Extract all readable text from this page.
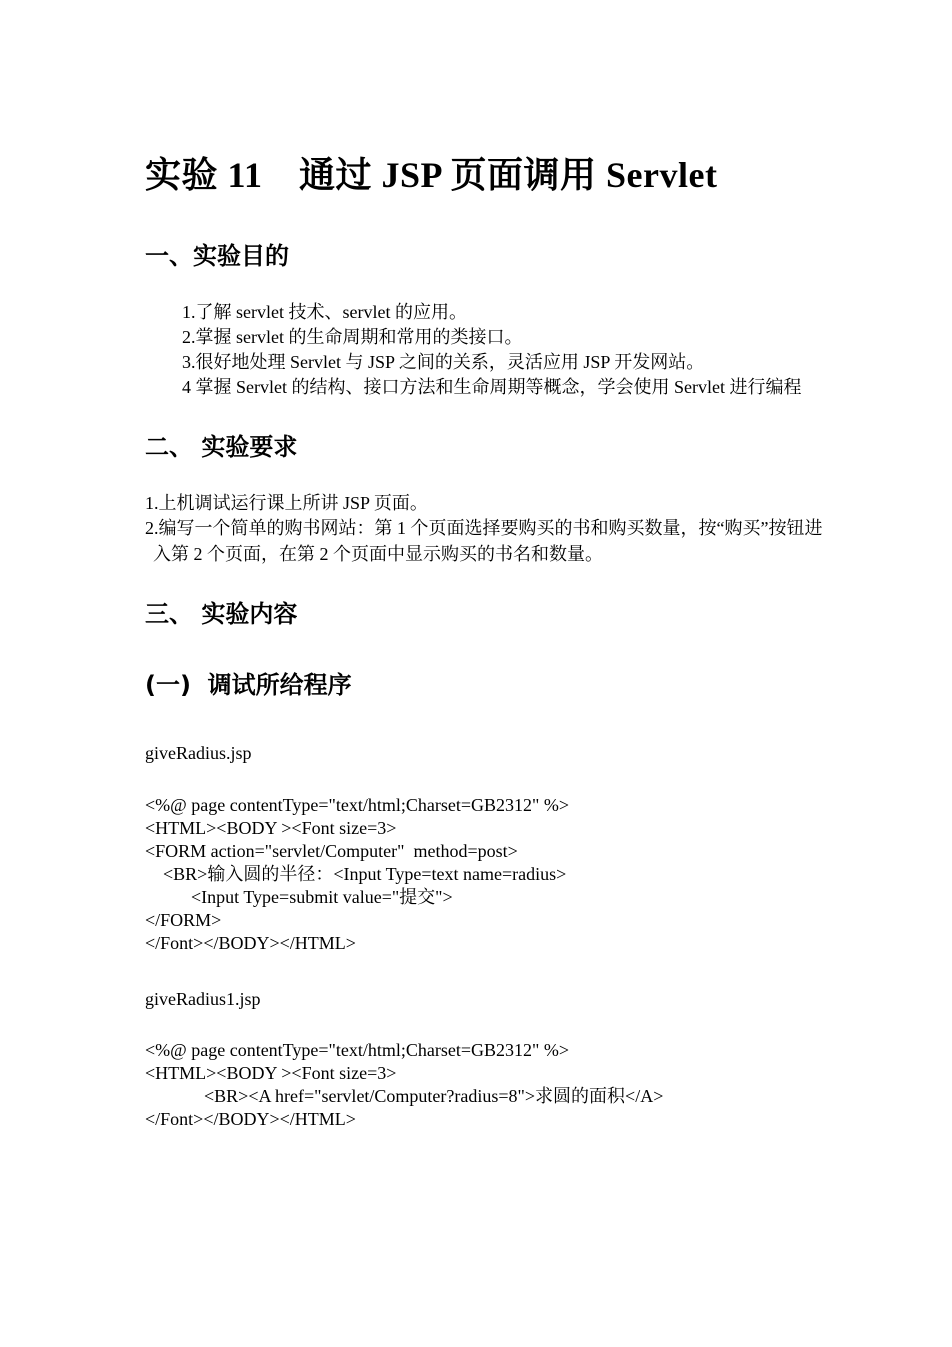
实验 11　通过 JSP 页面调用 Servlet
一、实验目的
1.了解 servlet 技术、servlet 的应用。
2.掌握 servlet 的生命周期和常用的类接口。
3.很好地处理 Servlet 与 JSP 之间的关系，灵活应用 JSP 开发网站。
4 掌握 Servlet 的结构、接口方法和生命周期等概念，学会使用 Servlet 进行编程
二、 实验要求
1.上机调试运行课上所讲 JSP 页面。
2.编写一个简单的购书网站：第 1 个页面选择要购买的书和购买数量，按“购买”按钮进
入第 2 个页面，在第 2 个页面中显示购买的书名和数量。
三、 实验内容
(一)  调试所给程序
giveRadius.jsp
<%@ page contentType="text/html;Charset=GB2312" %>
<HTML><BODY ><Font size=3>
<FORM action="servlet/Computer"  method=post>
<BR>输入圆的半径：<Input Type=text name=radius>
<Input Type=submit value="提交">
</FORM>
</Font></BODY></HTML>
giveRadius1.jsp
<%@ page contentType="text/html;Charset=GB2312" %>
<HTML><BODY ><Font size=3>
<BR><A href="servlet/Computer?radius=8">求圆的面积</A>
</Font></BODY></HTML>
